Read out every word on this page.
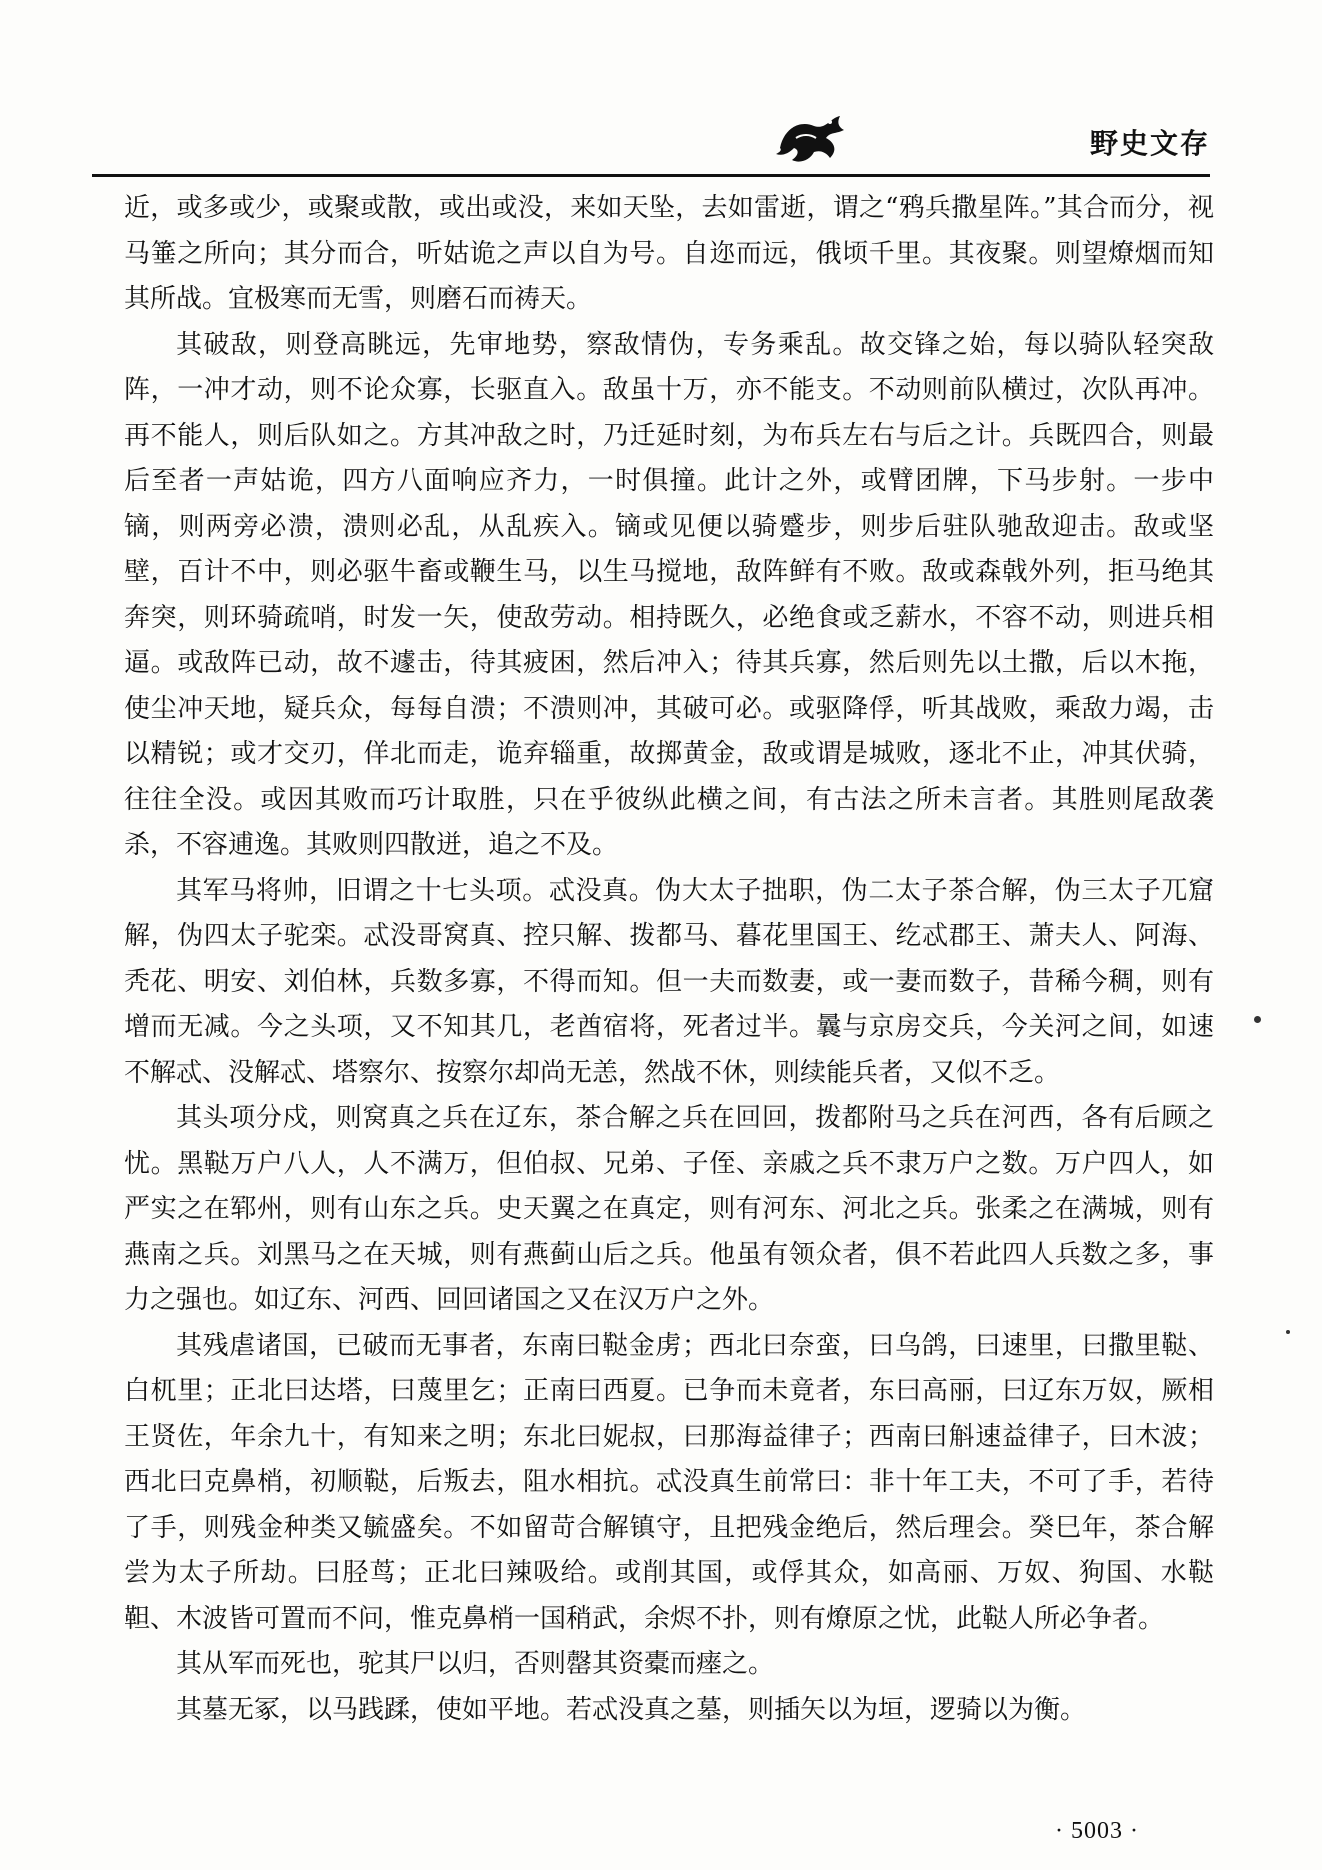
野史文存

近，或多或少，或聚或散，或出或没，来如天坠，去如雷逝，谓之“鸦兵撒星阵。”其合而分，视马箠之所向；其分而合，听姑诡之声以自为号。自迩而远，俄顷千里。其夜聚。则望燎烟而知其所战。宜极寒而无雪，则磨石而祷天。

其破敌，则登高眺远，先审地势，察敌情伪，专务乘乱。故交锋之始，每以骑队轻突敌阵，一冲才动，则不论众寡，长驱直入。敌虽十万，亦不能支。不动则前队横过，次队再冲。再不能人，则后队如之。方其冲敌之时，乃迁延时刻，为布兵左右与后之计。兵既四合，则最后至者一声姑诡，四方八面响应齐力，一时俱撞。此计之外，或臂团牌，下马步射。一步中镝，则两旁必溃，溃则必乱，从乱疾入。镝或见便以骑蹙步，则步后驻队驰敌迎击。敌或坚壁，百计不中，则必驱牛畜或鞭生马，以生马搅地，敌阵鲜有不败。敌或森戟外列，拒马绝其奔突，则环骑疏哨，时发一矢，使敌劳动。相持既久，必绝食或乏薪水，不容不动，则进兵相逼。或敌阵已动，故不遽击，待其疲困，然后冲入；待其兵寡，然后则先以土撒，后以木拖，使尘冲天地，疑兵众，每每自溃；不溃则冲，其破可必。或驱降俘，听其战败，乘敌力竭，击以精锐；或才交刃，佯北而走，诡弃辎重，故掷黄金，敌或谓是城败，逐北不止，冲其伏骑，往往全没。或因其败而巧计取胜，只在乎彼纵此横之间，有古法之所未言者。其胜则尾敌袭杀，不容逋逸。其败则四散迸，追之不及。

其军马将帅，旧谓之十七头项。忒没真。伪大太子拙职，伪二太子茶合解，伪三太子兀窟解，伪四太子驼栾。忒没哥窝真、控只解、拨都马、暮花里国王、纥忒郡王、萧夫人、阿海、秃花、明安、刘伯林，兵数多寡，不得而知。但一夫而数妻，或一妻而数子，昔稀今稠，则有增而无减。今之头项，又不知其几，老酋宿将，死者过半。曩与京房交兵，今关河之间，如速不解忒、没解忒、塔察尔、按察尔却尚无恙，然战不休，则续能兵者，又似不乏。

其头项分戍，则窝真之兵在辽东，茶合解之兵在回回，拨都附马之兵在河西，各有后顾之忧。黑鞑万户八人，人不满万，但伯叔、兄弟、子侄、亲戚之兵不隶万户之数。万户四人，如严实之在郓州，则有山东之兵。史天翼之在真定，则有河东、河北之兵。张柔之在满城，则有燕南之兵。刘黑马之在天城，则有燕蓟山后之兵。他虽有领众者，俱不若此四人兵数之多，事力之强也。如辽东、河西、回回诸国之又在汉万户之外。

其残虐诸国，已破而无事者，东南曰鞑金虏；西北曰奈蛮，曰乌鸽，曰速里，曰撒里鞑、白杌里；正北曰达塔，曰蔑里乞；正南曰西夏。已争而未竟者，东曰高丽，曰辽东万奴，厥相王贤佐，年余九十，有知来之明；东北曰妮叔，曰那海益律子；西南曰斛速益律子，曰木波；西北曰克鼻梢，初顺鞑，后叛去，阻水相抗。忒没真生前常曰：非十年工夫，不可了手，若待了手，则残金种类又毓盛矣。不如留苛合解镇守，且把残金绝后，然后理会。癸巳年，茶合解尝为太子所劫。曰胫茑；正北曰辣吸给。或削其国，或俘其众，如高丽、万奴、狗国、水鞑靼、木波皆可置而不问，惟克鼻梢一国稍武，余烬不扑，则有燎原之忧，此鞑人所必争者。

其从军而死也，驼其尸以归，否则罄其资橐而瘗之。

其墓无冢，以马践蹂，使如平地。若忒没真之墓，则插矢以为垣，逻骑以为衡。

· 5003 ·
